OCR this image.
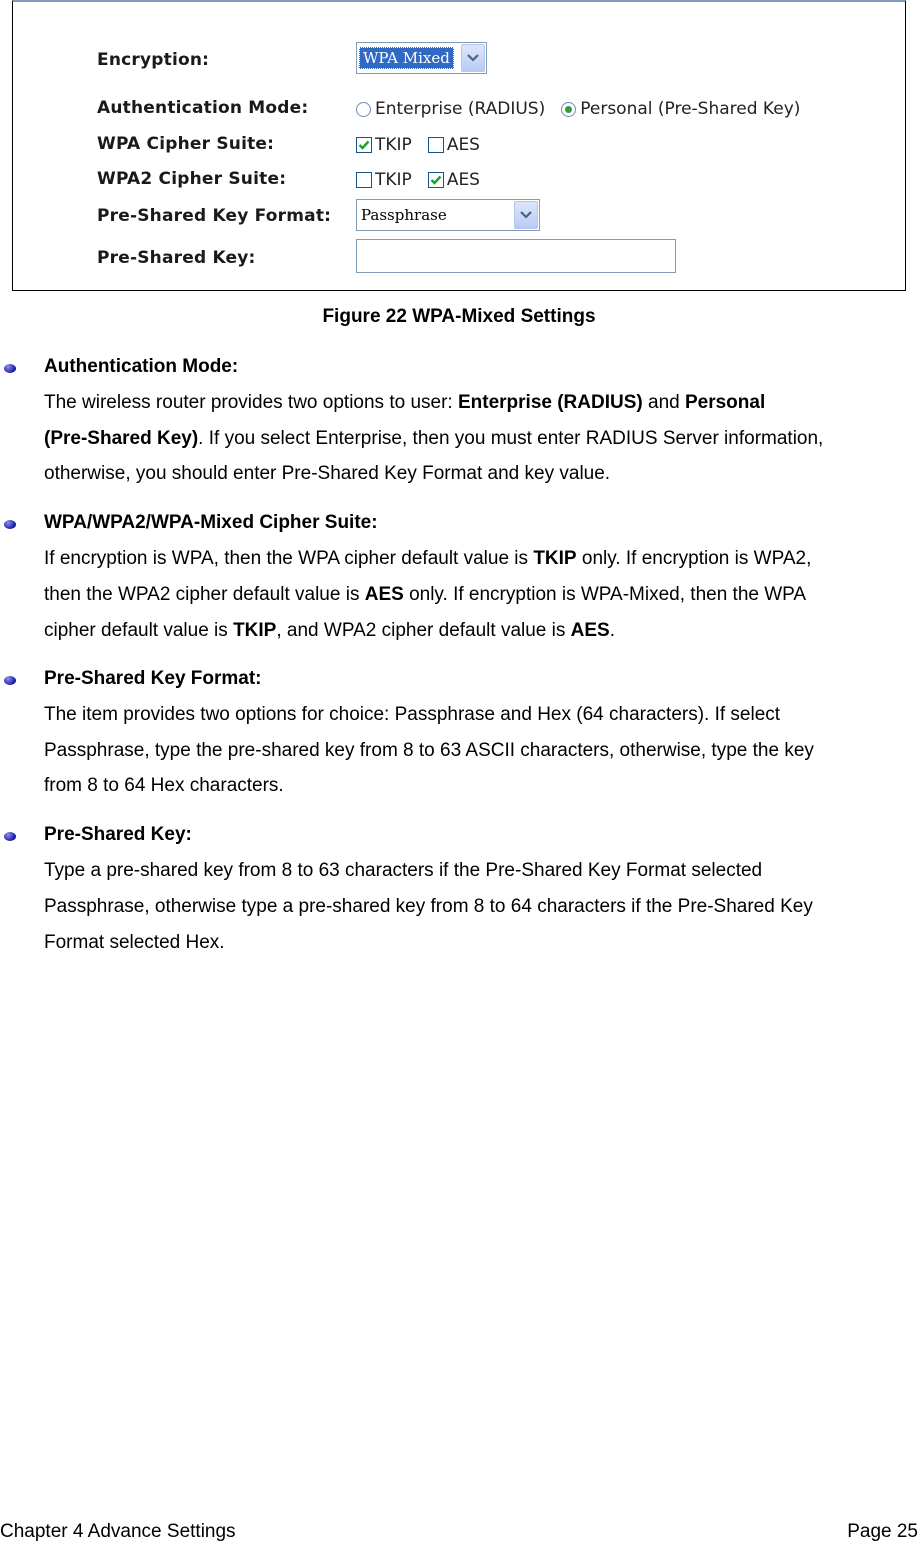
Encryption:	WPA Mixed
Authentication Mode:	Enterprise (RADIUS) Personal (Pre-Shared Key)
WPA Cipher Suite:	TKIP AES
WPA2 Cipher Suite:	TKIP AES
Pre-Shared Key Format: Passphrase
Pre-Shared Key:
Figure 22 WPA-Mixed Settings
Authentication Mode:
The wireless router provides two options to user: Enterprise (RADIUS) and Personal
(Pre-Shared Key). If you select Enterprise, then you must enter RADIUS Server information,
otherwise, you should enter Pre-Shared Key Format and key value.
WPA/WPA2/WPA-Mixed Cipher Suite:
If encryption is WPA, then the WPA cipher default value is TKIP only. If encryption is WPA2,
then the WPA2 cipher default value is AES only. If encryption is WPA-Mixed, then the WPA
cipher default value is TKIP, and WPA2 cipher default value is AES.
Pre-Shared Key Format:
The item provides two options for choice: Passphrase and Hex (64 characters). If select
Passphrase, type the pre-shared key from 8 to 63 ASCII characters, otherwise, type the key
from 8 to 64 Hex characters.
Pre-Shared Key:
Type a pre-shared key from 8 to 63 characters if the Pre-Shared Key Format selected
Passphrase, otherwise type a pre-shared key from 8 to 64 characters if the Pre-Shared Key
Format selected Hex.
Chapter 4 Advance Settings	Page 25
